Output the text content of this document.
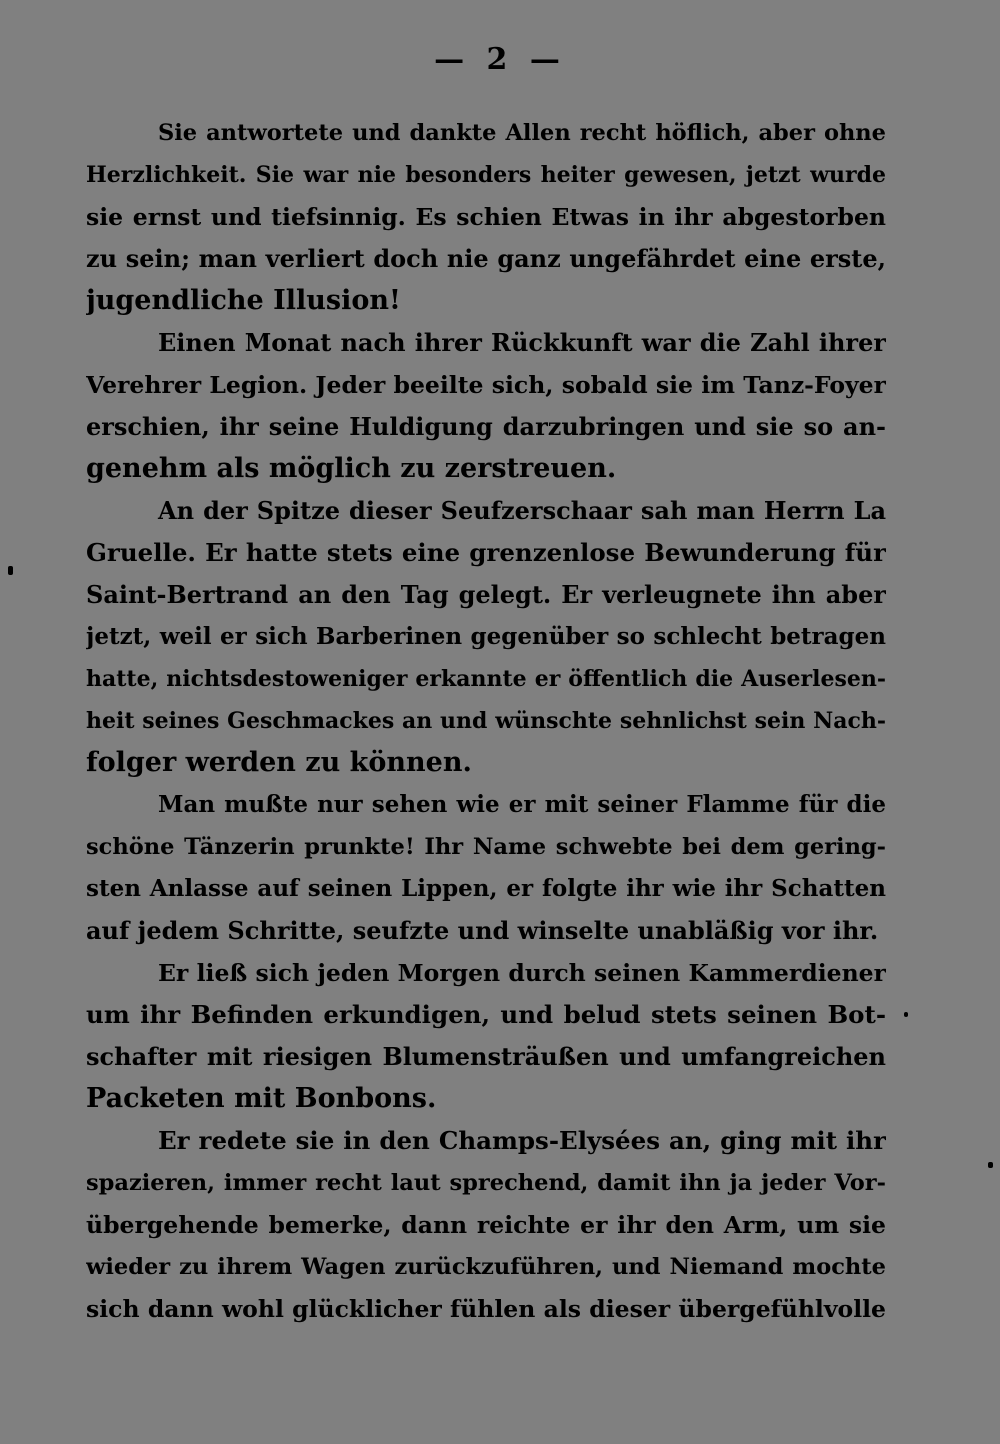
— 2 —
Sie antwortete und dankte Allen recht höflich, aber ohne
Herzlichkeit. Sie war nie besonders heiter gewesen, jetzt wurde
sie ernst und tiefsinnig. Es schien Etwas in ihr abgestorben
zu sein; man verliert doch nie ganz ungefährdet eine erste,
jugendliche Illusion!
Einen Monat nach ihrer Rückkunft war die Zahl ihrer
Verehrer Legion. Jeder beeilte sich, sobald sie im Tanz-Foyer
erschien, ihr seine Huldigung darzubringen und sie so an-
genehm als möglich zu zerstreuen.
An der Spitze dieser Seufzerschaar sah man Herrn La
Gruelle. Er hatte stets eine grenzenlose Bewunderung für
Saint-Bertrand an den Tag gelegt. Er verleugnete ihn aber
jetzt, weil er sich Barberinen gegenüber so schlecht betragen
hatte, nichtsdestoweniger erkannte er öffentlich die Auserlesen-
heit seines Geschmackes an und wünschte sehnlichst sein Nach-
folger werden zu können.
Man mußte nur sehen wie er mit seiner Flamme für die
schöne Tänzerin prunkte! Ihr Name schwebte bei dem gering-
sten Anlasse auf seinen Lippen, er folgte ihr wie ihr Schatten
auf jedem Schritte, seufzte und winselte unabläßig vor ihr.
Er ließ sich jeden Morgen durch seinen Kammerdiener
um ihr Befinden erkundigen, und belud stets seinen Bot-
schafter mit riesigen Blumensträußen und umfangreichen
Packeten mit Bonbons.
Er redete sie in den Champs-Elysées an, ging mit ihr
spazieren, immer recht laut sprechend, damit ihn ja jeder Vor-
übergehende bemerke, dann reichte er ihr den Arm, um sie
wieder zu ihrem Wagen zurückzuführen, und Niemand mochte
sich dann wohl glücklicher fühlen als dieser übergefühlvolle
